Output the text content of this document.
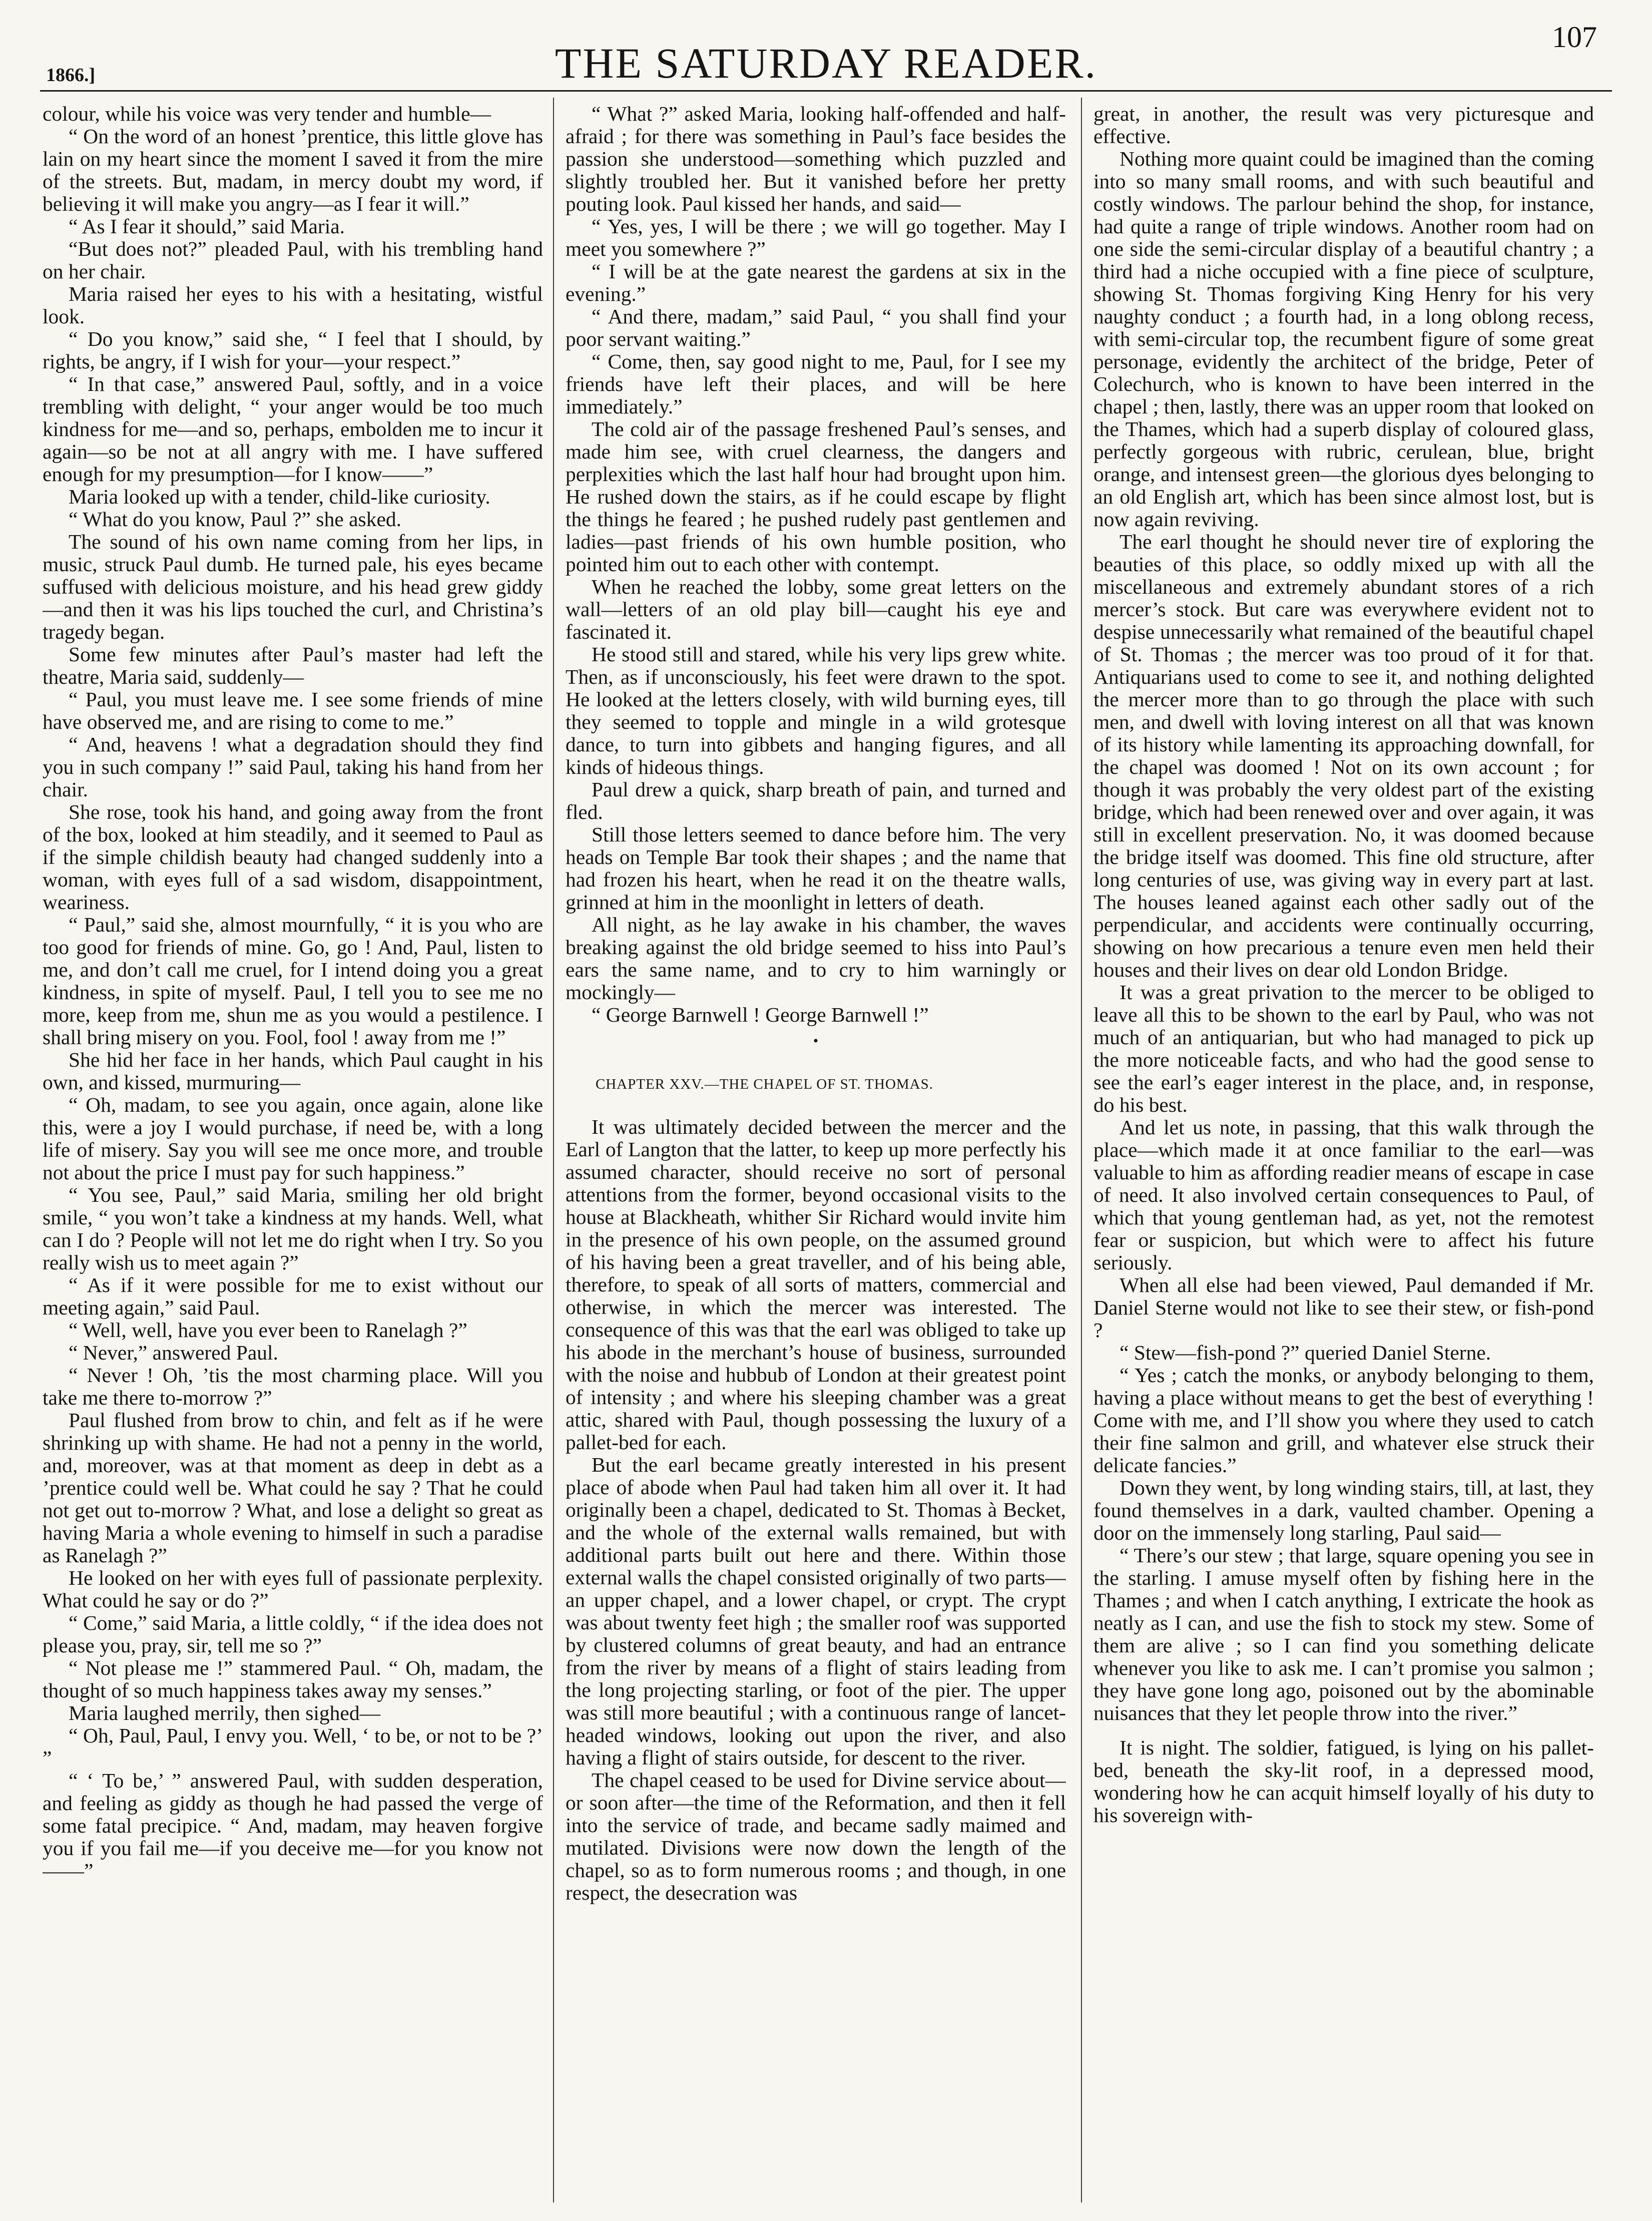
1866.]	THE SATURDAY READER.
107

colour, while his voice was very tender and humble—

“ On the word of an honest ’prentice, this little glove has lain on my heart since the moment I saved it from the mire of the streets. But, madam, in mercy doubt my word, if believing it will make you angry—as I fear it will.”

“ As I fear it should,” said Maria.

“But does not?” pleaded Paul, with his trembling hand on her chair.

Maria raised her eyes to his with a hesitating, wistful look.

“ Do you know,” said she, “ I feel that I should, by rights, be angry, if I wish for your—your respect.”

“ In that case,” answered Paul, softly, and in a voice trembling with delight, “ your anger would be too much kindness for me—and so, perhaps, embolden me to incur it again—so be not at all angry with me. I have suffered enough for my presumption—for I know——”

Maria looked up with a tender, child-like curiosity.

“ What do you know, Paul ?” she asked.

The sound of his own name coming from her lips, in music, struck Paul dumb. He turned pale, his eyes became suffused with delicious moisture, and his head grew giddy—and then it was his lips touched the curl, and Christina’s tragedy began.

Some few minutes after Paul’s master had left the theatre, Maria said, suddenly—

“ Paul, you must leave me. I see some friends of mine have observed me, and are rising to come to me.”

“ And, heavens ! what a degradation should they find you in such company !” said Paul, taking his hand from her chair.

She rose, took his hand, and going away from the front of the box, looked at him steadily, and it seemed to Paul as if the simple childish beauty had changed suddenly into a woman, with eyes full of a sad wisdom, disappointment, weariness.

“ Paul,” said she, almost mournfully, “ it is you who are too good for friends of mine. Go, go ! And, Paul, listen to me, and don’t call me cruel, for I intend doing you a great kindness, in spite of myself. Paul, I tell you to see me no more, keep from me, shun me as you would a pestilence. I shall bring misery on you. Fool, fool ! away from me !”

She hid her face in her hands, which Paul caught in his own, and kissed, murmuring—

“ Oh, madam, to see you again, once again, alone like this, were a joy I would purchase, if need be, with a long life of misery. Say you will see me once more, and trouble not about the price I must pay for such happiness.”

“ You see, Paul,” said Maria, smiling her old bright smile, “ you won’t take a kindness at my hands. Well, what can I do ? People will not let me do right when I try. So you really wish us to meet again ?”

“ As if it were possible for me to exist without our meeting again,” said Paul.

“ Well, well, have you ever been to Ranelagh ?”

“ Never,” answered Paul.

“ Never ! Oh, ’tis the most charming place. Will you take me there to-morrow ?”

Paul flushed from brow to chin, and felt as if he were shrinking up with shame. He had not a penny in the world, and, moreover, was at that moment as deep in debt as a ’prentice could well be. What could he say ? That he could not get out to-morrow ? What, and lose a delight so great as having Maria a whole evening to himself in such a paradise as Ranelagh ?”

He looked on her with eyes full of passionate perplexity. What could he say or do ?”

“ Come,” said Maria, a little coldly, “ if the idea does not please you, pray, sir, tell me so ?”

“ Not please me !” stammered Paul. “ Oh, madam, the thought of so much happiness takes away my senses.”

Maria laughed merrily, then sighed—

“ Oh, Paul, Paul, I envy you. Well, ‘ to be, or not to be ?’ ”

“ ‘ To be,’ ” answered Paul, with sudden desperation, and feeling as giddy as though he had passed the verge of some fatal precipice. “ And, madam, may heaven forgive you if you fail me—if you deceive me—for you know not——”

“ What ?” asked Maria, looking half-offended and half-afraid ; for there was something in Paul’s face besides the passion she understood—something which puzzled and slightly troubled her. But it vanished before her pretty pouting look. Paul kissed her hands, and said—

“ Yes, yes, I will be there ; we will go together. May I meet you somewhere ?”

“ I will be at the gate nearest the gardens at six in the evening.”

“ And there, madam,” said Paul, “ you shall find your poor servant waiting.”

“ Come, then, say good night to me, Paul, for I see my friends have left their places, and will be here immediately.”

The cold air of the passage freshened Paul’s senses, and made him see, with cruel clearness, the dangers and perplexities which the last half hour had brought upon him. He rushed down the stairs, as if he could escape by flight the things he feared ; he pushed rudely past gentlemen and ladies—past friends of his own humble position, who pointed him out to each other with contempt.

When he reached the lobby, some great letters on the wall—letters of an old play bill—caught his eye and fascinated it.

He stood still and stared, while his very lips grew white. Then, as if unconsciously, his feet were drawn to the spot. He looked at the letters closely, with wild burning eyes, till they seemed to topple and mingle in a wild grotesque dance, to turn into gibbets and hanging figures, and all kinds of hideous things.

Paul drew a quick, sharp breath of pain, and turned and fled.

Still those letters seemed to dance before him. The very heads on Temple Bar took their shapes ; and the name that had frozen his heart, when he read it on the theatre walls, grinned at him in the moonlight in letters of death.

All night, as he lay awake in his chamber, the waves breaking against the old bridge seemed to hiss into Paul’s ears the same name, and to cry to him warningly or mockingly—

“ George Barnwell ! George Barnwell !”

•
CHAPTER XXV.—THE CHAPEL OF ST. THOMAS.

It was ultimately decided between the mercer and the Earl of Langton that the latter, to keep up more perfectly his assumed character, should receive no sort of personal attentions from the former, beyond occasional visits to the house at Blackheath, whither Sir Richard would invite him in the presence of his own people, on the assumed ground of his having been a great traveller, and of his being able, therefore, to speak of all sorts of matters, commercial and otherwise, in which the mercer was interested. The consequence of this was that the earl was obliged to take up his abode in the merchant’s house of business, surrounded with the noise and hubbub of London at their greatest point of intensity ; and where his sleeping chamber was a great attic, shared with Paul, though possessing the luxury of a pallet-bed for each.

But the earl became greatly interested in his present place of abode when Paul had taken him all over it. It had originally been a chapel, dedicated to St. Thomas à Becket, and the whole of the external walls remained, but with additional parts built out here and there. Within those external walls the chapel consisted originally of two parts—an upper chapel, and a lower chapel, or crypt. The crypt was about twenty feet high ; the smaller roof was supported by clustered columns of great beauty, and had an entrance from the river by means of a flight of stairs leading from the long projecting starling, or foot of the pier. The upper was still more beautiful ; with a continuous range of lancet-headed windows, looking out upon the river, and also having a flight of stairs outside, for descent to the river.

The chapel ceased to be used for Divine service about—or soon after—the time of the Reformation, and then it fell into the service of trade, and became sadly maimed and mutilated. Divisions were now down the length of the chapel, so as to form numerous rooms ; and though, in one respect, the desecration was

great, in another, the result was very picturesque and effective.

Nothing more quaint could be imagined than the coming into so many small rooms, and with such beautiful and costly windows. The parlour behind the shop, for instance, had quite a range of triple windows. Another room had on one side the semi-circular display of a beautiful chantry ; a third had a niche occupied with a fine piece of sculpture, showing St. Thomas forgiving King Henry for his very naughty conduct ; a fourth had, in a long oblong recess, with semi-circular top, the recumbent figure of some great personage, evidently the architect of the bridge, Peter of Colechurch, who is known to have been interred in the chapel ; then, lastly, there was an upper room that looked on the Thames, which had a superb display of coloured glass, perfectly gorgeous with rubric, cerulean, blue, bright orange, and intensest green—the glorious dyes belonging to an old English art, which has been since almost lost, but is now again reviving.

The earl thought he should never tire of exploring the beauties of this place, so oddly mixed up with all the miscellaneous and extremely abundant stores of a rich mercer’s stock. But care was everywhere evident not to despise unnecessarily what remained of the beautiful chapel of St. Thomas ; the mercer was too proud of it for that. Antiquarians used to come to see it, and nothing delighted the mercer more than to go through the place with such men, and dwell with loving interest on all that was known of its history while lamenting its approaching downfall, for the chapel was doomed ! Not on its own account ; for though it was probably the very oldest part of the existing bridge, which had been renewed over and over again, it was still in excellent preservation. No, it was doomed because the bridge itself was doomed. This fine old structure, after long centuries of use, was giving way in every part at last. The houses leaned against each other sadly out of the perpendicular, and accidents were continually occurring, showing on how precarious a tenure even men held their houses and their lives on dear old London Bridge.

It was a great privation to the mercer to be obliged to leave all this to be shown to the earl by Paul, who was not much of an antiquarian, but who had managed to pick up the more noticeable facts, and who had the good sense to see the earl’s eager interest in the place, and, in response, do his best.

And let us note, in passing, that this walk through the place—which made it at once familiar to the earl—was valuable to him as affording readier means of escape in case of need. It also involved certain consequences to Paul, of which that young gentleman had, as yet, not the remotest fear or suspicion, but which were to affect his future seriously.

When all else had been viewed, Paul demanded if Mr. Daniel Sterne would not like to see their stew, or fish-pond ?

“ Stew—fish-pond ?” queried Daniel Sterne.

“ Yes ; catch the monks, or anybody belonging to them, having a place without means to get the best of everything ! Come with me, and I’ll show you where they used to catch their fine salmon and grill, and whatever else struck their delicate fancies.”

Down they went, by long winding stairs, till, at last, they found themselves in a dark, vaulted chamber. Opening a door on the immensely long starling, Paul said—

“ There’s our stew ; that large, square opening you see in the starling. I amuse myself often by fishing here in the Thames ; and when I catch anything, I extricate the hook as neatly as I can, and use the fish to stock my stew. Some of them are alive ; so I can find you something delicate whenever you like to ask me. I can’t promise you salmon ; they have gone long ago, poisoned out by the abominable nuisances that they let people throw into the river.”

It is night. The soldier, fatigued, is lying on his pallet-bed, beneath the sky-lit roof, in a depressed mood, wondering how he can acquit himself loyally of his duty to his sovereign with-
